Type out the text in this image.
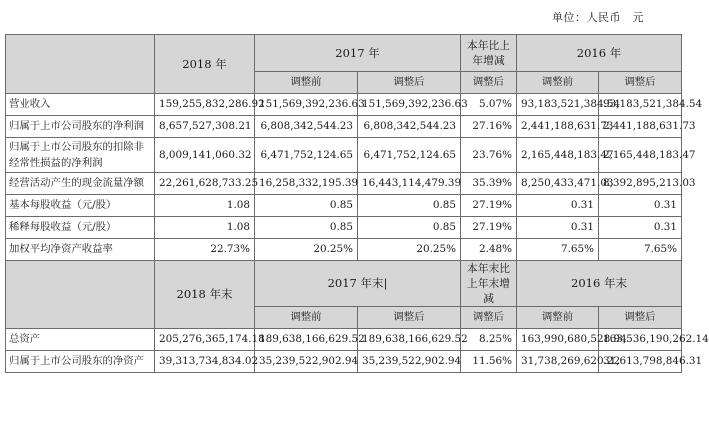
单位：人民币　元
	2018 年	2017 年		本年比上年增减	2016 年	
		调整前	调整后	调整后	调整前	调整后
营业收入	159,255,832,286.92	151,569,392,236.63	151,569,392,236.63	5.07%	93,183,521,384.54	93,183,521,384.54
归属于上市公司股东的净利润	8,657,527,308.21	6,808,342,544.23	6,808,342,544.23	27.16%	2,441,188,631.73	2,441,188,631.73
归属于上市公司股东的扣除非经常性损益的净利润	8,009,141,060.32	6,471,752,124.65	6,471,752,124.65	23.76%	2,165,448,183.47	2,165,448,183.47
经营活动产生的现金流量净额	22,261,628,733.25	16,258,332,195.39	16,443,114,479.39	35.39%	8,250,433,471.03	8,392,895,213.03
基本每股收益（元/股）	1.08	0.85	0.85	27.19%	0.31	0.31
稀释每股收益（元/股）	1.08	0.85	0.85	27.19%	0.31	0.31
加权平均净资产收益率	22.73%	20.25%	20.25%	2.48%	7.65%	7.65%
	2018 年末	2017 年末|		本年末比上年末增减	2016 年末	
		调整前	调整后	调整后	调整前	调整后
总资产	205,276,365,174.18	189,638,166,629.52	189,638,166,629.52	8.25%	163,990,680,528.94	163,536,190,262.14
归属于上市公司股东的净资产	39,313,734,834.02	35,239,522,902.94	35,239,522,902.94	11.56%	31,738,269,620.22	31,613,798,846.31
